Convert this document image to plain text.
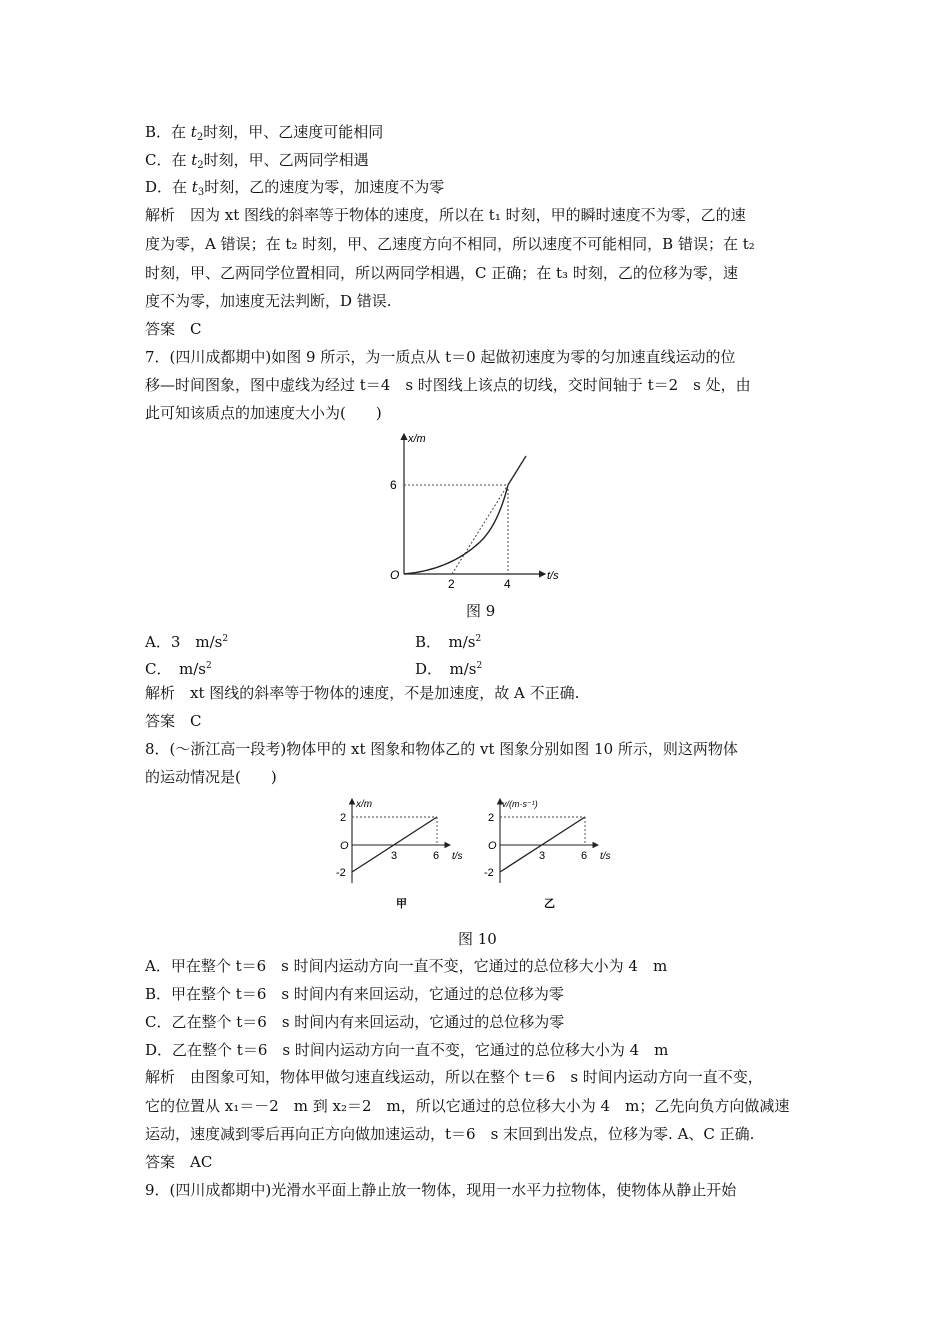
B．在 $t_2$时刻，甲、乙速度可能相同
C．在 $t_2$时刻，甲、乙两同学相遇
D．在 $t_3$时刻，乙的速度为零，加速度不为零
解析　因为 xt 图线的斜率等于物体的速度，所以在 t₁ 时刻，甲的瞬时速度不为零，乙的速
度为零，A 错误；在 t₂ 时刻，甲、乙速度方向不相同，所以速度不可能相同，B 错误；在 t₂
时刻，甲、乙两同学位置相同，所以两同学相遇，C 正确；在 t₃ 时刻，乙的位移为零，速
度不为零，加速度无法判断，D 错误.
答案　C
7．(四川成都期中)如图 9 所示，为一质点从 t＝0 起做初速度为零的匀加速直线运动的位
移—时间图象，图中虚线为经过 t＝4　s 时图线上该点的切线，交时间轴于 t＝2　s 处，由
此可知该质点的加速度大小为(　　)
x/m
t/s
O
6
2	4
图 9
A．3　$m/s^2$	B．　$m/s^2$
C．　$m/s^2$	D．　$m/s^2$
解析　xt 图线的斜率等于物体的速度，不是加速度，故 A 不正确.
答案　C
8．(～浙江高一段考)物体甲的 xt 图象和物体乙的 vt 图象分别如图 10 所示，则这两物体
的运动情况是(　　)
x/m
t/s
O
2
-2
3	6
甲
v/(m·s⁻¹)
t/s
O
2
-2
3	6
乙
图 10
A．甲在整个 t＝6　s 时间内运动方向一直不变，它通过的总位移大小为 4　m
B．甲在整个 t＝6　s 时间内有来回运动，它通过的总位移为零
C．乙在整个 t＝6　s 时间内有来回运动，它通过的总位移为零
D．乙在整个 t＝6　s 时间内运动方向一直不变，它通过的总位移大小为 4　m
解析　由图象可知，物体甲做匀速直线运动，所以在整个 t＝6　s 时间内运动方向一直不变，
它的位置从 x₁＝－2　m 到 x₂＝2　m，所以它通过的总位移大小为 4　m；乙先向负方向做减速
运动，速度减到零后再向正方向做加速运动，t＝6　s 末回到出发点，位移为零. A、C 正确.
答案　AC
9．(四川成都期中)光滑水平面上静止放一物体，现用一水平力拉物体，使物体从静止开始
